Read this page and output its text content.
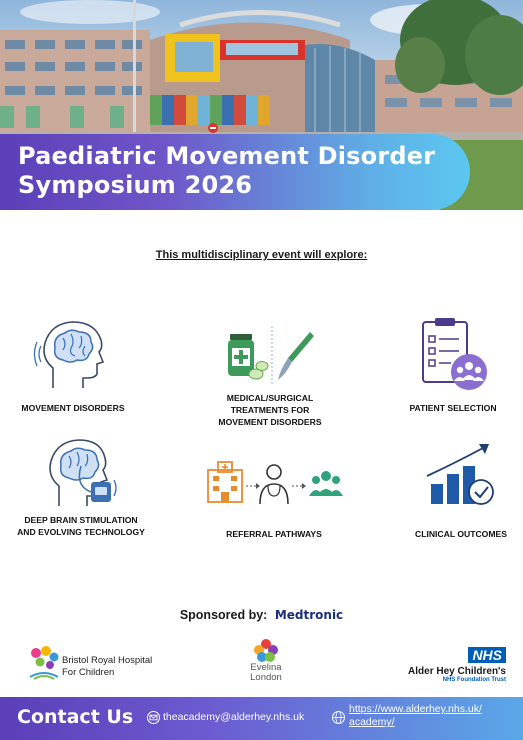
Paediatric Movement Disorder
Symposium 2026
This multidisciplinary event will explore:
MOVEMENT DISORDERS
MEDICAL/SURGICAL
TREATMENTS FOR
MOVEMENT DISORDERS
PATIENT SELECTION
DEEP BRAIN STIMULATION
AND EVOLVING TECHNOLOGY	REFERRAL PATHWAYS	CLINICAL OUTCOMES
Sponsored by: Medtronic
Bristol Royal Hospital
For Children	Evelina
London
NHS
Alder Hey Children's
NHS Foundation Trust
Contact Us	theacademy@alderhey.nhs.uk
https://www.alderhey.nhs.uk/
academy/
